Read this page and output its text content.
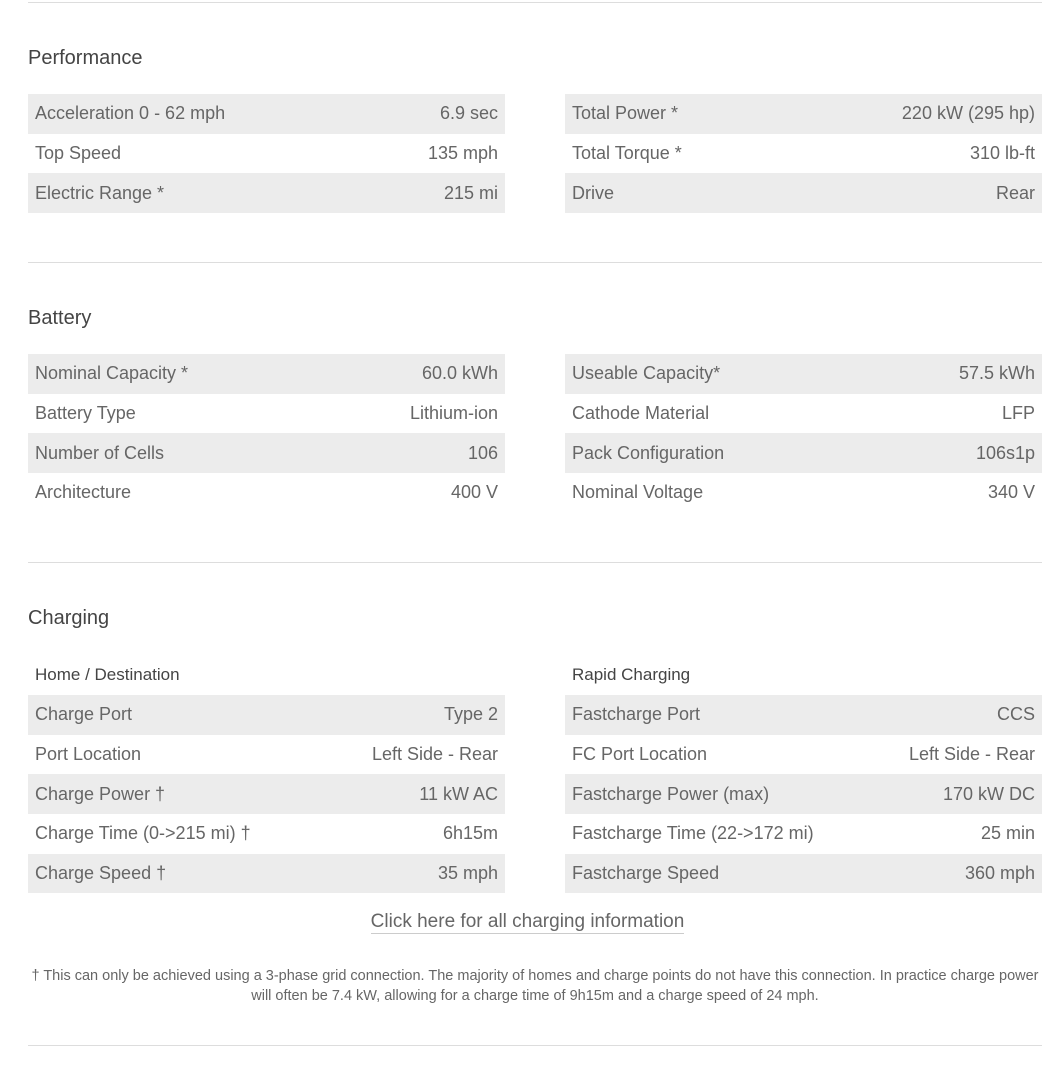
Performance
Acceleration 0 - 62 mph	6.9 sec
Top Speed	135 mph
Electric Range *	215 mi
Total Power *	220 kW (295 hp)
Total Torque *	310 lb-ft
Drive	Rear
Battery
Nominal Capacity *	60.0 kWh
Battery Type	Lithium-ion
Number of Cells	106
Architecture	400 V
Useable Capacity*	57.5 kWh
Cathode Material	LFP
Pack Configuration	106s1p
Nominal Voltage	340 V
Charging
Home / Destination
Charge Port	Type 2
Port Location	Left Side - Rear
Charge Power †	11 kW AC
Charge Time (0->215 mi) †	6h15m
Charge Speed †	35 mph
Rapid Charging
Fastcharge Port	CCS
FC Port Location	Left Side - Rear
Fastcharge Power (max)	170 kW DC
Fastcharge Time (22->172 mi)	25 min
Fastcharge Speed	360 mph
Click here for all charging information

† This can only be achieved using a 3-phase grid connection. The majority of homes and charge points do not have this connection. In practice charge power will often be 7.4 kW, allowing for a charge time of 9h15m and a charge speed of 24 mph.
